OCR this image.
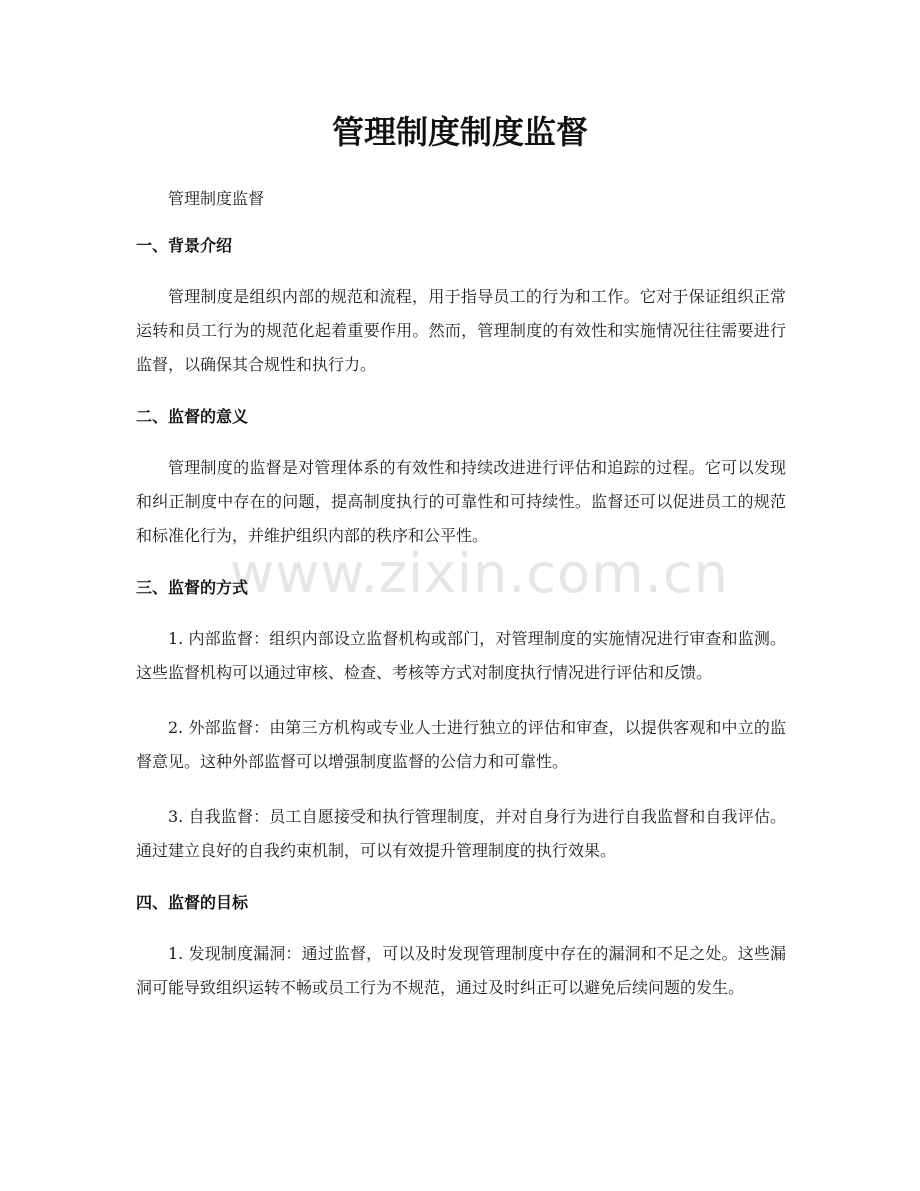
管理制度制度监督
www.zixin.com.cn

管理制度监督

一、背景介绍

管理制度是组织内部的规范和流程，用于指导员工的行为和工作。它对于保证组织正常运转和员工行为的规范化起着重要作用。然而，管理制度的有效性和实施情况往往需要进行监督，以确保其合规性和执行力。

二、监督的意义

管理制度的监督是对管理体系的有效性和持续改进进行评估和追踪的过程。它可以发现和纠正制度中存在的问题，提高制度执行的可靠性和可持续性。监督还可以促进员工的规范和标准化行为，并维护组织内部的秩序和公平性。

三、监督的方式

1. 内部监督：组织内部设立监督机构或部门，对管理制度的实施情况进行审查和监测。这些监督机构可以通过审核、检查、考核等方式对制度执行情况进行评估和反馈。

2. 外部监督：由第三方机构或专业人士进行独立的评估和审查，以提供客观和中立的监督意见。这种外部监督可以增强制度监督的公信力和可靠性。

3. 自我监督：员工自愿接受和执行管理制度，并对自身行为进行自我监督和自我评估。通过建立良好的自我约束机制，可以有效提升管理制度的执行效果。

四、监督的目标

1. 发现制度漏洞：通过监督，可以及时发现管理制度中存在的漏洞和不足之处。这些漏洞可能导致组织运转不畅或员工行为不规范，通过及时纠正可以避免后续问题的发生。
